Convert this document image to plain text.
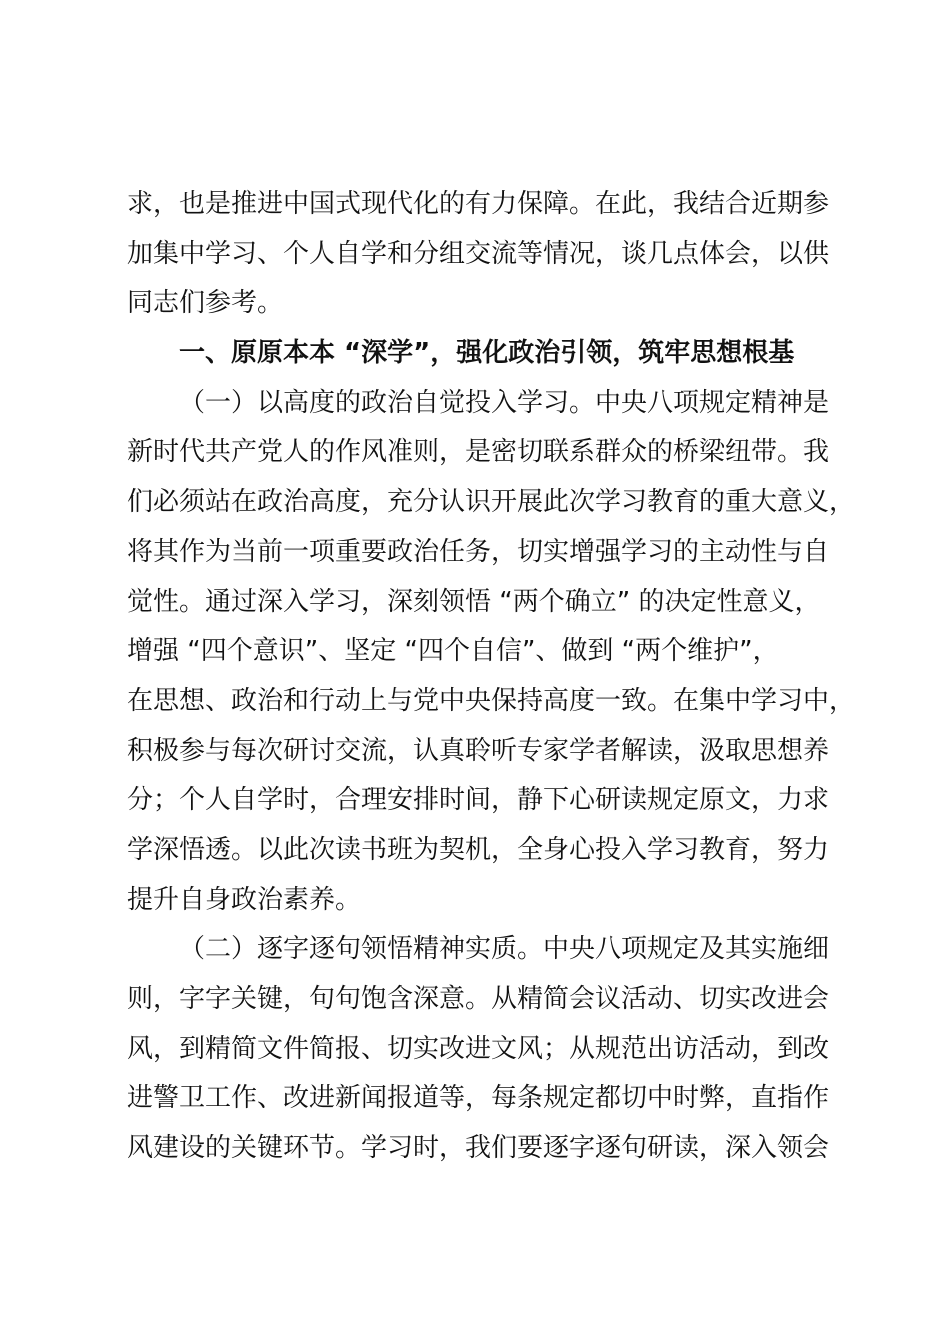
求，也是推进中国式现代化的有力保障。在此，我结合近期参
加集中学习、个人自学和分组交流等情况，谈几点体会，以供
同志们参考。
一、原原本本 “深学”，强化政治引领，筑牢思想根基
（一）以高度的政治自觉投入学习。中央八项规定精神是
新时代共产党人的作风准则，是密切联系群众的桥梁纽带。我
们必须站在政治高度，充分认识开展此次学习教育的重大意义，
将其作为当前一项重要政治任务，切实增强学习的主动性与自
觉性。通过深入学习，深刻领悟 “两个确立” 的决定性意义，
增强 “四个意识”、坚定 “四个自信”、做到 “两个维护”，
在思想、政治和行动上与党中央保持高度一致。在集中学习中，
积极参与每次研讨交流，认真聆听专家学者解读，汲取思想养
分；个人自学时，合理安排时间，静下心研读规定原文，力求
学深悟透。以此次读书班为契机，全身心投入学习教育，努力
提升自身政治素养。
（二）逐字逐句领悟精神实质。中央八项规定及其实施细
则，字字关键，句句饱含深意。从精简会议活动、切实改进会
风，到精简文件简报、切实改进文风；从规范出访活动，到改
进警卫工作、改进新闻报道等，每条规定都切中时弊，直指作
风建设的关键环节。学习时，我们要逐字逐句研读，深入领会
